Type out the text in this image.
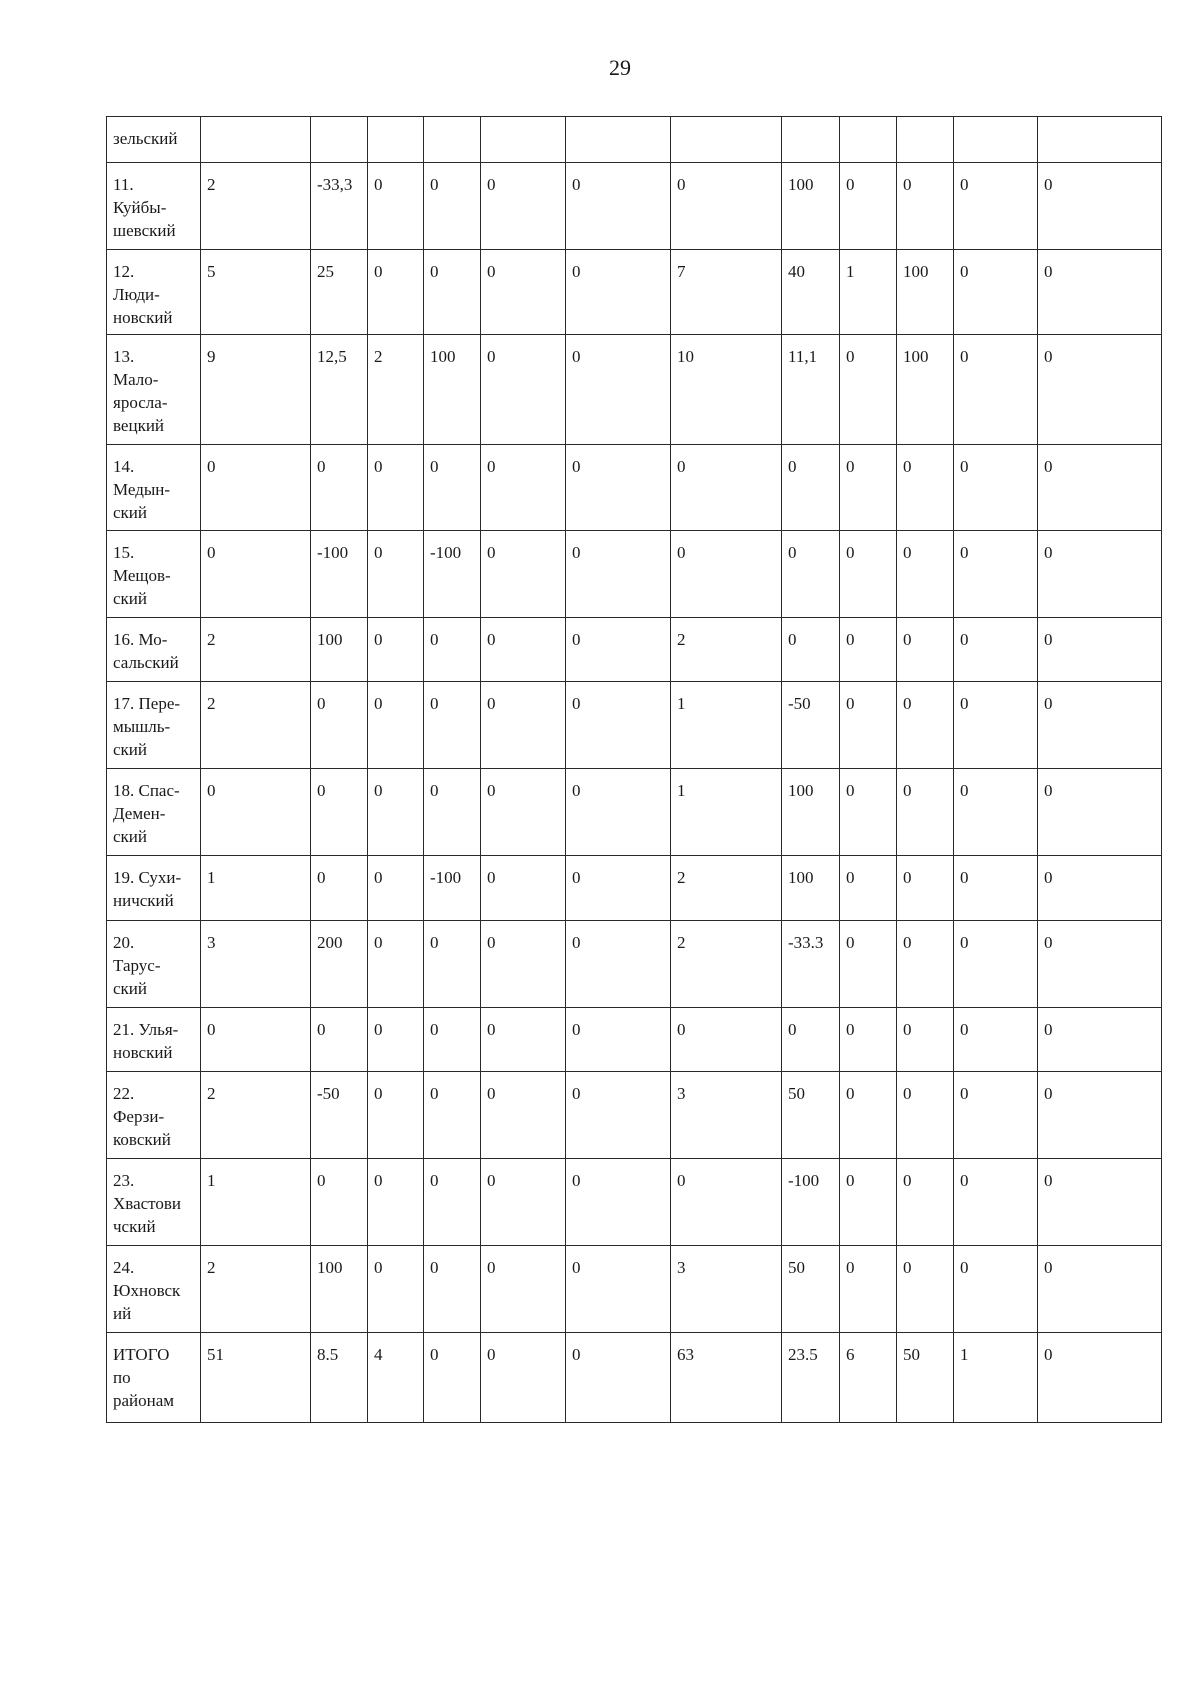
29
зельский												
11.
Куйбы-
шевский	2	-33,3	0	0	0	0	0	100	0	0	0	0
12.
Люди-
новский	5	25	0	0	0	0	7	40	1	100	0	0
13.
Мало-
яросла-
вецкий	9	12,5	2	100	0	0	10	11,1	0	100	0	0
14.
Медын-
ский	0	0	0	0	0	0	0	0	0	0	0	0
15.
Мещов-
ский	0	-100	0	-100	0	0	0	0	0	0	0	0
16. Мо-
сальский	2	100	0	0	0	0	2	0	0	0	0	0
17. Пере-
мышль-
ский	2	0	0	0	0	0	1	-50	0	0	0	0
18. Спас-
Демен-
ский	0	0	0	0	0	0	1	100	0	0	0	0
19. Сухи-
ничский	1	0	0	-100	0	0	2	100	0	0	0	0
20.
Тарус-
ский	3	200	0	0	0	0	2	-33.3	0	0	0	0
21. Улья-
новский	0	0	0	0	0	0	0	0	0	0	0	0
22.
Ферзи-
ковский	2	-50	0	0	0	0	3	50	0	0	0	0
23.
Хвастови
чский	1	0	0	0	0	0	0	-100	0	0	0	0
24.
Юхновск
ий	2	100	0	0	0	0	3	50	0	0	0	0
ИТОГО
по
районам	51	8.5	4	0	0	0	63	23.5	6	50	1	0
